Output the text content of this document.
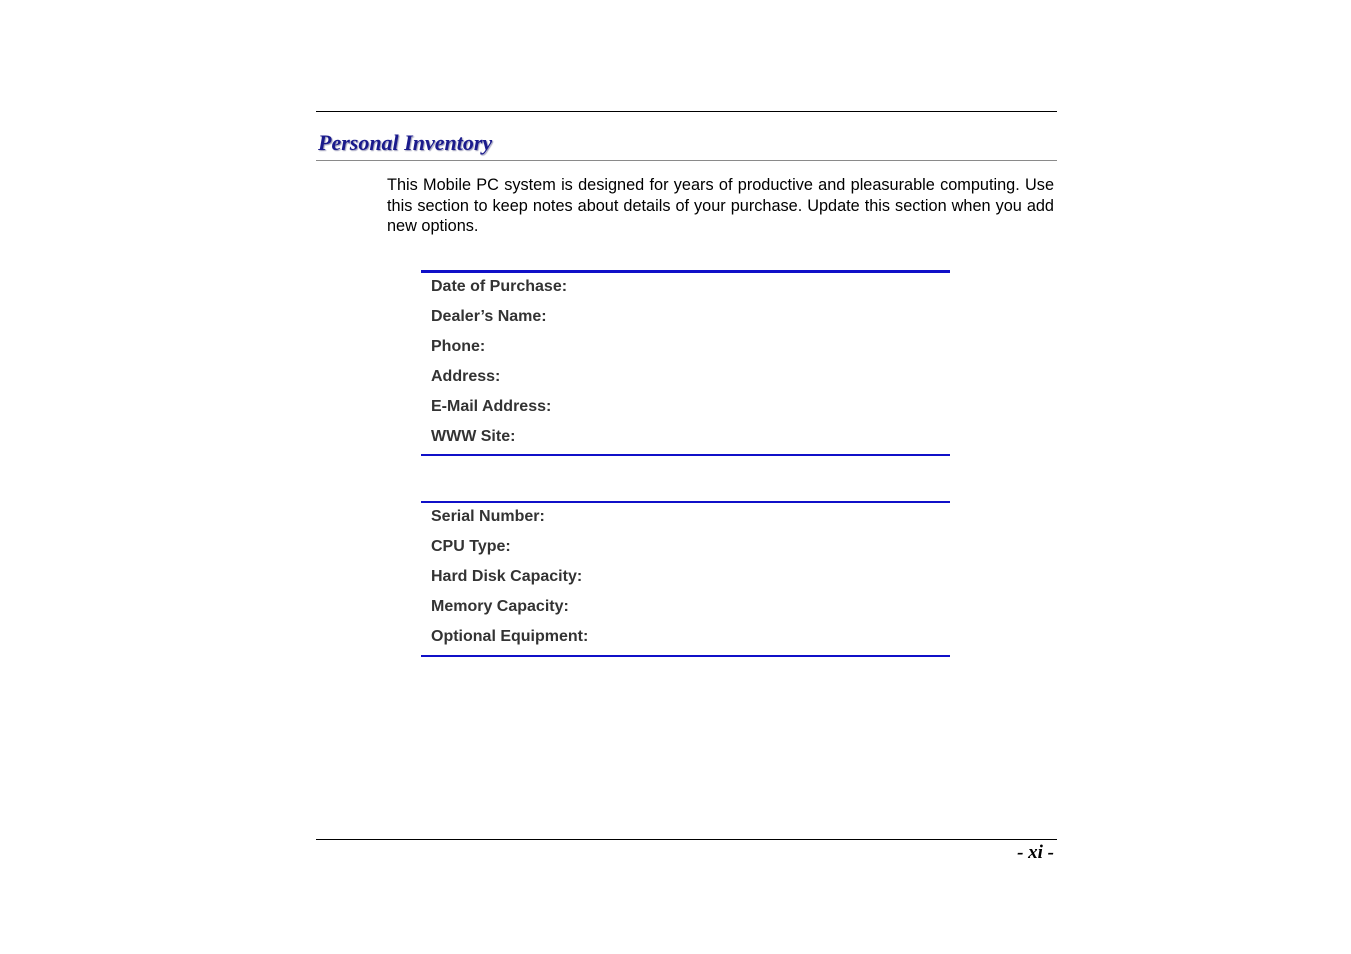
Personal Inventory

This Mobile PC system is designed for years of productive and pleasurable computing. Use this section to keep notes about details of your purchase. Update this section when you add new options.

Date of Purchase:
Dealer’s Name:
Phone:
Address:
E-Mail Address:
WWW Site:
Serial Number:
CPU Type:
Hard Disk Capacity:
Memory Capacity:
Optional Equipment:

- xi -
